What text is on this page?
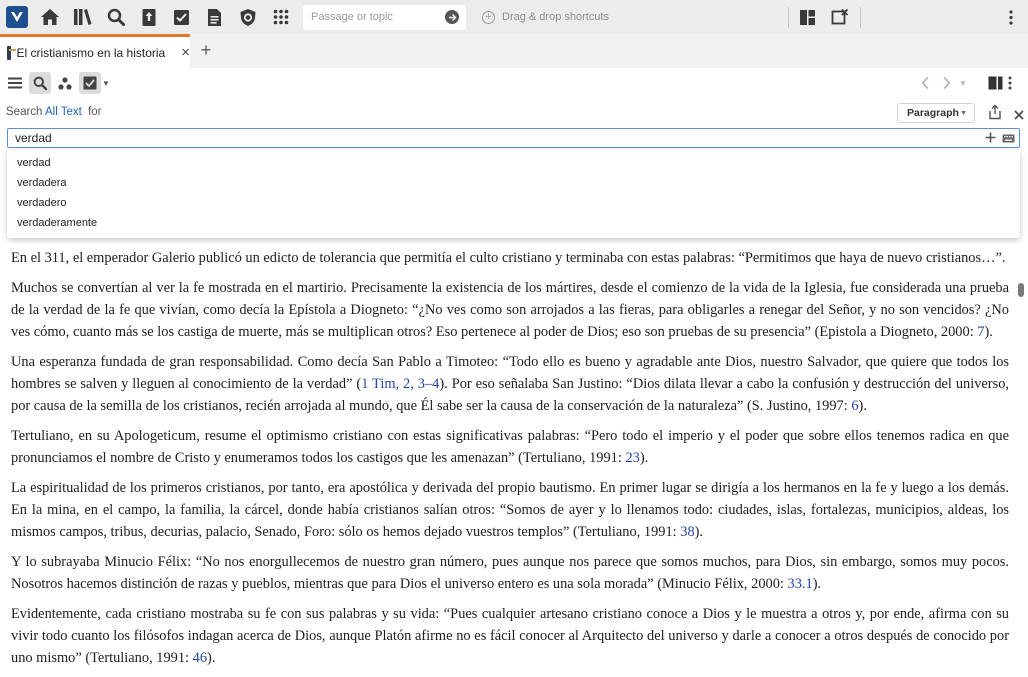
Passage or topic
+ Drag & drop shortcuts
El cristianismo en la historia × +
▼	▼
Search All Text for	Paragraph ▼
verdad
verdad
verdadera
verdadero
verdaderamente

En el 311, el emperador Galerio publicó un edicto de tolerancia que permitía el culto cristiano y terminaba con estas palabras: “Permitimos que haya de nuevo cristianos…”.

Muchos se convertían al ver la fe mostrada en el martirio. Precisamente la existencia de los mártires, desde el comienzo de la vida de la Iglesia, fue considerada una prueba de la verdad de la fe que vivían, como decía la Epístola a Diogneto: “¿No ves como son arrojados a las fieras, para obligarles a renegar del Señor, y no son vencidos? ¿No ves cómo, cuanto más se los castiga de muerte, más se multiplican otros? Eso pertenece al poder de Dios; eso son pruebas de su presencia” (Epistola a Diogneto, 2000: 7).

Una esperanza fundada de gran responsabilidad. Como decía San Pablo a Timoteo: “Todo ello es bueno y agradable ante Dios, nuestro Salvador, que quiere que todos los hombres se salven y lleguen al conocimiento de la verdad” (1 Tim, 2, 3–4). Por eso señalaba San Justino: “Dios dilata llevar a cabo la confusión y destrucción del universo, por causa de la semilla de los cristianos, recién arrojada al mundo, que Él sabe ser la causa de la conservación de la naturaleza” (S. Justino, 1997: 6).

Tertuliano, en su Apologeticum, resume el optimismo cristiano con estas significativas palabras: “Pero todo el imperio y el poder que sobre ellos tenemos radica en que pronunciamos el nombre de Cristo y enumeramos todos los castigos que les amenazan” (Tertuliano, 1991: 23).

La espiritualidad de los primeros cristianos, por tanto, era apostólica y derivada del propio bautismo. En primer lugar se dirigía a los hermanos en la fe y luego a los demás. En la mina, en el campo, la familia, la cárcel, donde había cristianos salían otros: “Somos de ayer y lo llenamos todo: ciudades, islas, fortalezas, municipios, aldeas, los mismos campos, tribus, decurias, palacio, Senado, Foro: sólo os hemos dejado vuestros templos” (Tertuliano, 1991: 38).

Y lo subrayaba Minucio Félix: “No nos enorgullecemos de nuestro gran número, pues aunque nos parece que somos muchos, para Dios, sin embargo, somos muy pocos. Nosotros hacemos distinción de razas y pueblos, mientras que para Dios el universo entero es una sola morada” (Minucio Félix, 2000: 33.1).

Evidentemente, cada cristiano mostraba su fe con sus palabras y su vida: “Pues cualquier artesano cristiano conoce a Dios y le muestra a otros y, por ende, afirma con su vivir todo cuanto los filósofos indagan acerca de Dios, aunque Platón afirme no es fácil conocer al Arquitecto del universo y darle a conocer a otros después de conocido por uno mismo” (Tertuliano, 1991: 46).
